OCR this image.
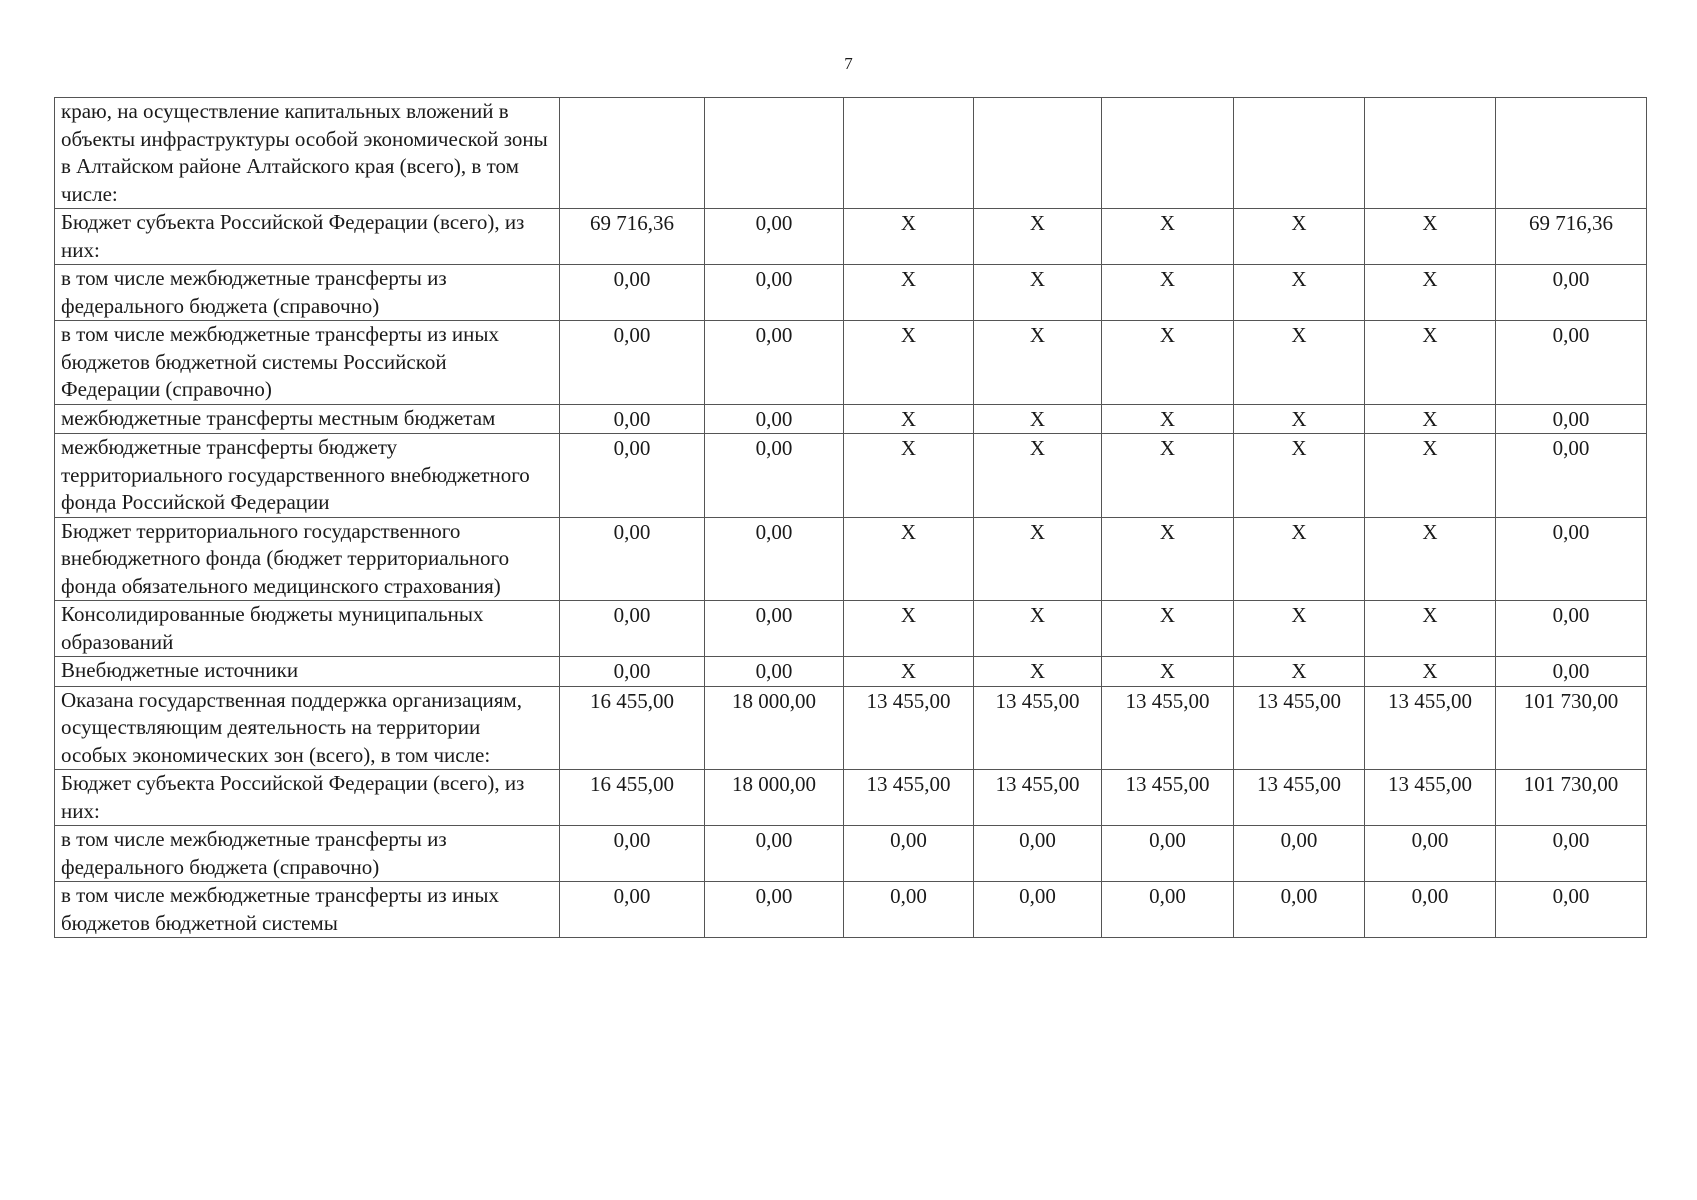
7
краю, на осуществление капитальных вложений в объекты инфраструктуры особой экономической зоны в Алтайском районе Алтайского края (всего), в том числе:								
Бюджет субъекта Российской Федерации (всего), из них:	69 716,36	0,00	X	X	X	X	X	69 716,36
в том числе межбюджетные трансферты из федерального бюджета (справочно)	0,00	0,00	X	X	X	X	X	0,00
в том числе межбюджетные трансферты из иных бюджетов бюджетной системы Российской Федерации (справочно)	0,00	0,00	X	X	X	X	X	0,00
межбюджетные трансферты местным бюджетам	0,00	0,00	X	X	X	X	X	0,00
межбюджетные трансферты бюджету территориального государственного внебюджетного фонда Российской Федерации	0,00	0,00	X	X	X	X	X	0,00
Бюджет территориального государственного внебюджетного фонда (бюджет территориального фонда обязательного медицинского страхования)	0,00	0,00	X	X	X	X	X	0,00
Консолидированные бюджеты муниципальных образований	0,00	0,00	X	X	X	X	X	0,00
Внебюджетные источники	0,00	0,00	X	X	X	X	X	0,00
Оказана государственная поддержка организациям, осуществляющим деятельность на территории особых экономических зон (всего), в том числе:	16 455,00	18 000,00	13 455,00	13 455,00	13 455,00	13 455,00	13 455,00	101 730,00
Бюджет субъекта Российской Федерации (всего), из них:	16 455,00	18 000,00	13 455,00	13 455,00	13 455,00	13 455,00	13 455,00	101 730,00
в том числе межбюджетные трансферты из федерального бюджета (справочно)	0,00	0,00	0,00	0,00	0,00	0,00	0,00	0,00
в том числе межбюджетные трансферты из иных бюджетов бюджетной системы	0,00	0,00	0,00	0,00	0,00	0,00	0,00	0,00
